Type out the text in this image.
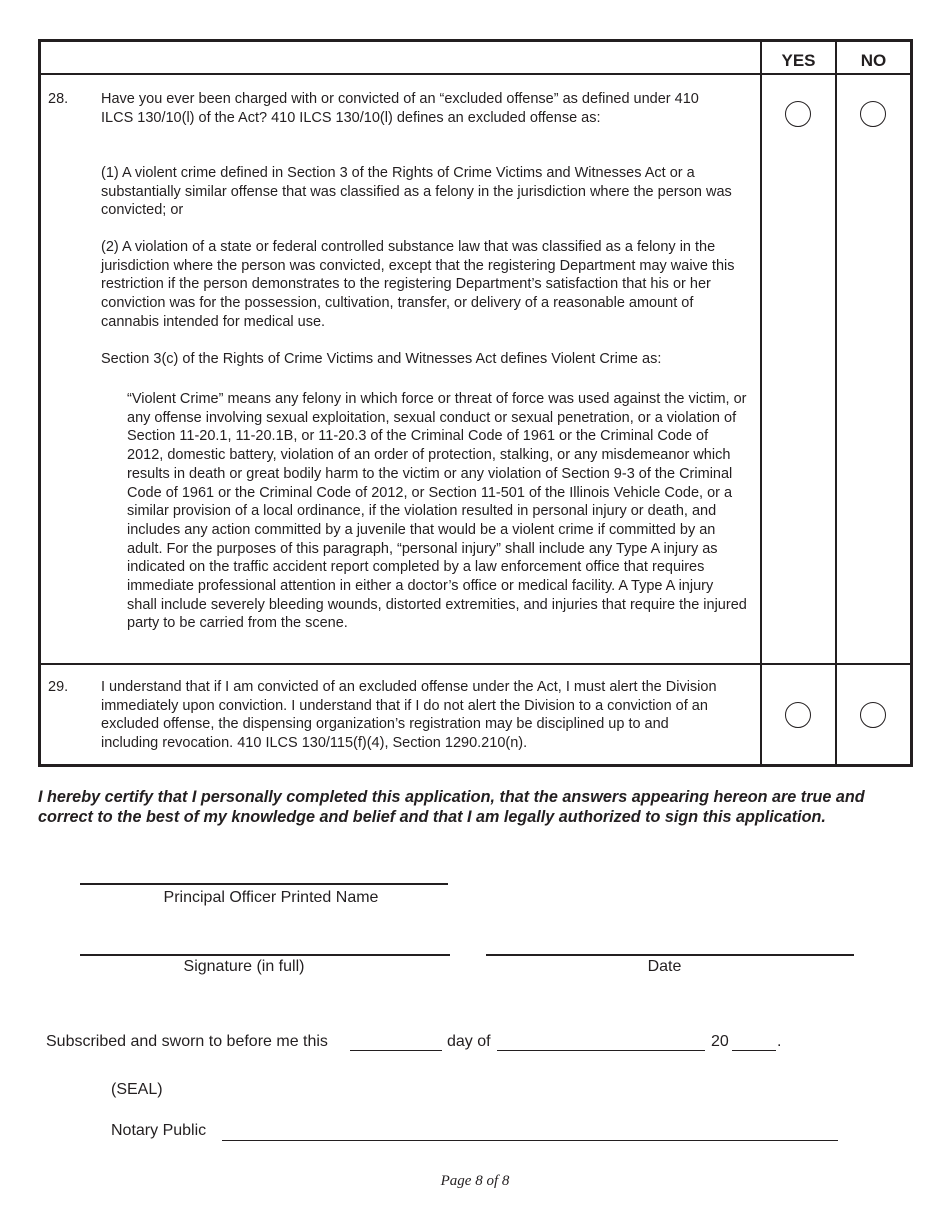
YES	NO
28. Have you ever been charged with or convicted of an “excluded offense” as defined under 410 ILCS 130/10(l) of the Act? 410 ILCS 130/10(l) defines an excluded offense as:

(1) A violent crime defined in Section 3 of the Rights of Crime Victims and Witnesses Act or a substantially similar offense that was classified as a felony in the jurisdiction where the person was convicted; or

(2) A violation of a state or federal controlled substance law that was classified as a felony in the jurisdiction where the person was convicted, except that the registering Department may waive this restriction if the person demonstrates to the registering Department’s satisfaction that his or her conviction was for the possession, cultivation, transfer, or delivery of a reasonable amount of cannabis intended for medical use.

Section 3(c) of the Rights of Crime Victims and Witnesses Act defines Violent Crime as:

“Violent Crime” means any felony in which force or threat of force was used against the victim, or any offense involving sexual exploitation, sexual conduct or sexual penetration, or a violation of Section 11-20.1, 11-20.1B, or 11-20.3 of the Criminal Code of 1961 or the Criminal Code of 2012, domestic battery, violation of an order of protection, stalking, or any misdemeanor which results in death or great bodily harm to the victim or any violation of Section 9-3 of the Criminal Code of 1961 or the Criminal Code of 2012, or Section 11-501 of the Illinois Vehicle Code, or a similar provision of a local ordinance, if the violation resulted in personal injury or death, and includes any action committed by a juvenile that would be a violent crime if committed by an adult. For the purposes of this paragraph, “personal injury” shall include any Type A injury as indicated on the traffic accident report completed by a law enforcement office that requires immediate professional attention in either a doctor’s office or medical facility. A Type A injury shall include severely bleeding wounds, distorted extremities, and injuries that require the injured party to be carried from the scene.

29. I understand that if I am convicted of an excluded offense under the Act, I must alert the Division immediately upon conviction. I understand that if I do not alert the Division to a conviction of an excluded offense, the dispensing organization’s registration may be disciplined up to and including revocation. 410 ILCS 130/115(f)(4), Section 1290.210(n).

I hereby certify that I personally completed this application, that the answers appearing hereon are true and correct to the best of my knowledge and belief and that I am legally authorized to sign this application.

Principal Officer Printed Name
Signature (in full)	Date
Subscribed and sworn to before me this	day of	20	.
(SEAL)
Notary Public
Page 8 of 8
